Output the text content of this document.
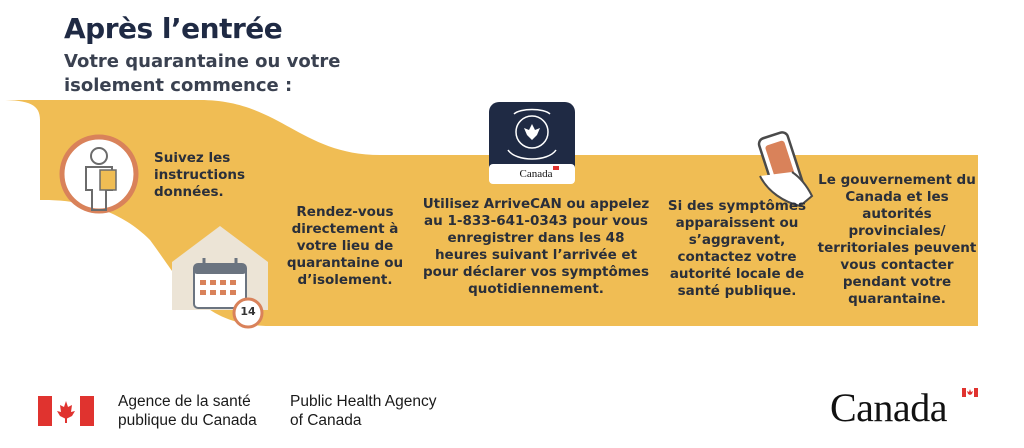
Après l’entrée
Votre quarantaine ou votre isolement commence :
Suivez les instructions données.
Rendez-vous directement à votre lieu de quarantaine ou d’isolement.
Utilisez ArriveCAN ou appelez au 1-833-641-0343 pour vous enregistrer dans les 48 heures suivant l’arrivée et pour déclarer vos symptômes quotidiennement.
Si des symptômes apparaissent ou s’aggravent, contactez votre autorité locale de santé publique.
Le gouvernement du Canada et les autorités provinciales/ territoriales peuvent vous contacter pendant votre quarantaine.
Canada
14
Agence de la santé publique du Canada
Public Health Agency of Canada	Canada
